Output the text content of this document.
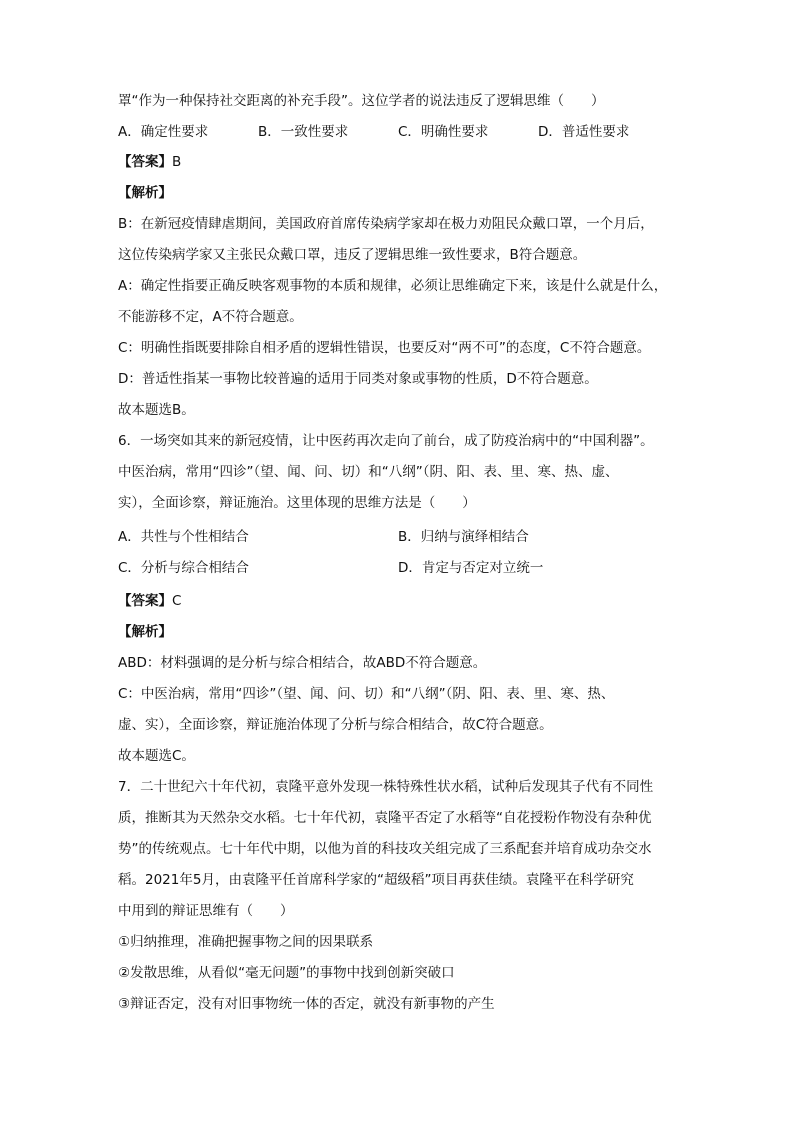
罩“作为一种保持社交距离的补充手段”。这位学者的说法违反了逻辑思维（　　）
A．确定性要求	B．一致性要求	C．明确性要求	D．普适性要求
【答案】B
【解析】
B：在新冠疫情肆虐期间，美国政府首席传染病学家却在极力劝阻民众戴口罩，一个月后，
这位传染病学家又主张民众戴口罩，违反了逻辑思维一致性要求，B符合题意。
A：确定性指要正确反映客观事物的本质和规律，必须让思维确定下来，该是什么就是什么，
不能游移不定，A不符合题意。
C：明确性指既要排除自相矛盾的逻辑性错误，也要反对“两不可”的态度，C不符合题意。
D：普适性指某一事物比较普遍的适用于同类对象或事物的性质，D不符合题意。
故本题选B。
6．一场突如其来的新冠疫情，让中医药再次走向了前台，成了防疫治病中的“中国利器”。
中医治病，常用“四诊”（望、闻、问、切）和“八纲”（阴、阳、表、里、寒、热、虚、
实），全面诊察，辩证施治。这里体现的思维方法是（　　）
A．共性与个性相结合	B．归纳与演绎相结合
C．分析与综合相结合	D．肯定与否定对立统一
【答案】C
【解析】
ABD：材料强调的是分析与综合相结合，故ABD不符合题意。
C：中医治病，常用“四诊”（望、闻、问、切）和“八纲”（阴、阳、表、里、寒、热、
虚、实），全面诊察，辩证施治体现了分析与综合相结合，故C符合题意。
故本题选C。
7．二十世纪六十年代初，袁隆平意外发现一株特殊性状水稻，试种后发现其子代有不同性
质，推断其为天然杂交水稻。七十年代初，袁隆平否定了水稻等“自花授粉作物没有杂种优
势”的传统观点。七十年代中期，以他为首的科技攻关组完成了三系配套并培育成功杂交水
稻。2021年5月，由袁隆平任首席科学家的“超级稻”项目再获佳绩。袁隆平在科学研究
中用到的辩证思维有（　　）
①归纳推理，准确把握事物之间的因果联系
②发散思维，从看似“毫无问题”的事物中找到创新突破口
③辩证否定，没有对旧事物统一体的否定，就没有新事物的产生
